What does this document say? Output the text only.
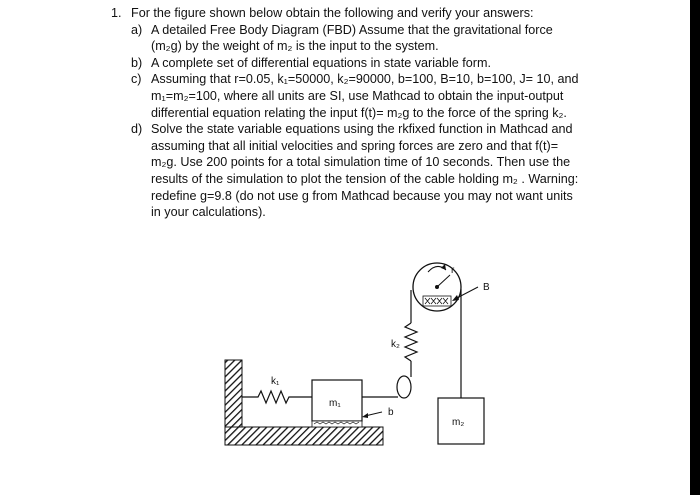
1. For the figure shown below obtain the following and verify your answers:
a) A detailed Free Body Diagram (FBD) Assume that the gravitational force
(m₂g) by the weight of m₂ is the input to the system.
b) A complete set of differential equations in state variable form.
c) Assuming that r=0.05, k₁=50000, k₂=90000, b=100, B=10, b=100, J= 10, and
m₁=m₂=100, where all units are SI, use Mathcad to obtain the input-output
differential equation relating the input f(t)= m₂g to the force of the spring k₂.
d) Solve the state variable equations using the rkfixed function in Mathcad and
assuming that all initial velocities and spring forces are zero and that f(t)=
m₂g. Use 200 points for a total simulation time of 10 seconds. Then use the
results of the simulation to plot the tension of the cable holding m₂ . Warning:
redefine g=9.8 (do not use g from Mathcad because you may not want units
in your calculations).
k₁
m₁
b
k₂
r
B
m₂
